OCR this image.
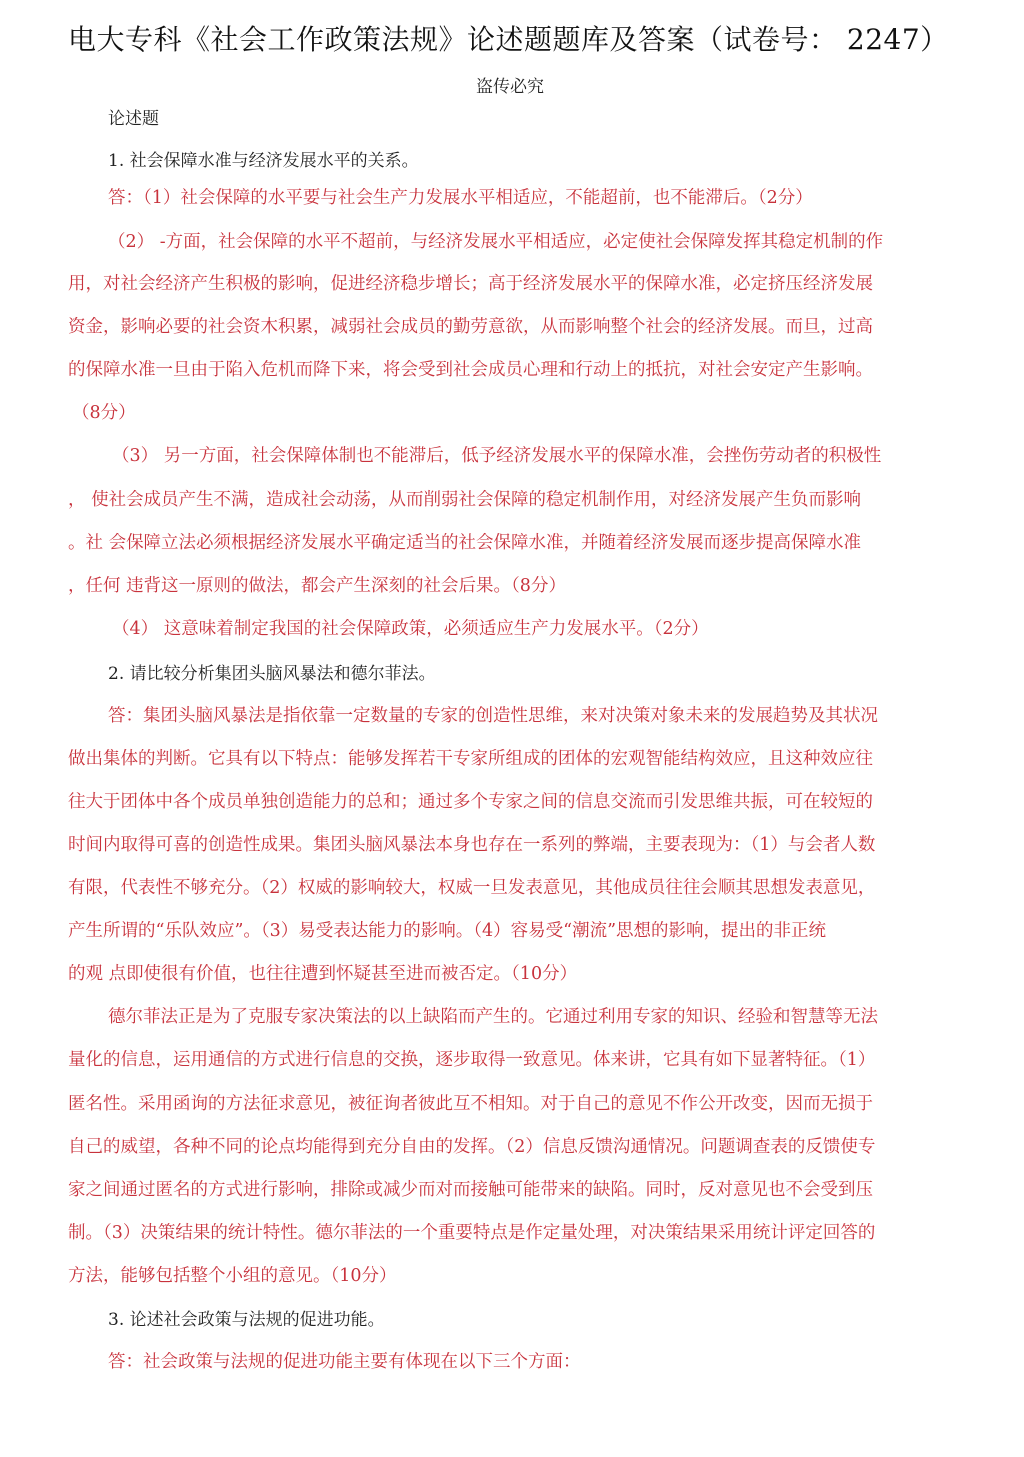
电大专科《社会工作政策法规》论述题题库及答案（试卷号： 2247）
盗传必究
论述题
1. 社会保障水准与经济发展水平的关系。
答：（1）社会保障的水平要与社会生产力发展水平相适应，不能超前，也不能滞后。（2分）
（2） -方面，社会保障的水平不超前，与经济发展水平相适应，必定使社会保障发挥其稳定机制的作
用，对社会经济产生积极的影响，促进经济稳步增长；高于经济发展水平的保障水准，必定挤压经济发展
资金，影响必要的社会资木积累，减弱社会成员的勤劳意欲，从而影响整个社会的经济发展。而旦，过高
的保障水准一旦由于陷入危机而降下来，将会受到社会成员心理和行动上的抵抗，对社会安定产生影响。
（8分）
（3） 另一方面，社会保障体制也不能滞后，低予经济发展水平的保障水准，会挫伤劳动者的积极性
， 使社会成员产生不满，造成社会动荡，从而削弱社会保障的稳定机制作用，对经济发展产生负而影响
。社 会保障立法必须根据经济发展水平确定适当的社会保障水准，并随着经济发展而逐步提高保障水准
，任何 违背这一原则的做法，都会产生深刻的社会后果。（8分）
（4） 这意味着制定我国的社会保障政策，必须适应生产力发展水平。（2分）
2. 请比较分析集团头脑风暴法和德尔菲法。
答：集团头脑风暴法是指依靠一定数量的专家的创造性思维，来对决策对象未来的发展趋势及其状况
做出集体的判断。它具有以下特点：能够发挥若干专家所组成的团体的宏观智能结构效应，且这种效应往
往大于团体中各个成员单独创造能力的总和；通过多个专家之间的信息交流而引发思维共振，可在较短的
时间内取得可喜的创造性成果。集团头脑风暴法本身也存在一系列的弊端，主要表现为：（1）与会者人数
有限，代表性不够充分。（2）权威的影响较大，权威一旦发表意见，其他成员往往会顺其思想发表意见，
产生所谓的“乐队效应”。（3）易受表达能力的影响。（4）容易受“潮流”思想的影响，提出的非正统
的观 点即使很有价值，也往往遭到怀疑甚至进而被否定。（10分）
德尔菲法正是为了克服专家决策法的以上缺陷而产生的。它通过利用专家的知识、经验和智慧等无法
量化的信息，运用通信的方式进行信息的交换，逐步取得一致意见。体来讲，它具有如下显著特征。（1）
匿名性。采用函询的方法征求意见，被征询者彼此互不相知。对于自己的意见不作公开改变，因而无损于
自己的威望，各种不同的论点均能得到充分自由的发挥。（2）信息反馈沟通情况。问题调查表的反馈使专
家之间通过匿名的方式进行影响，排除或减少而对而接触可能带来的缺陷。同时，反对意见也不会受到压
制。（3）决策结果的统计特性。德尔菲法的一个重要特点是作定量处理，对决策结果采用统计评定回答的
方法，能够包括整个小组的意见。（10分）
3. 论述社会政策与法规的促进功能。
答：社会政策与法规的促进功能主要有体现在以下三个方面：
